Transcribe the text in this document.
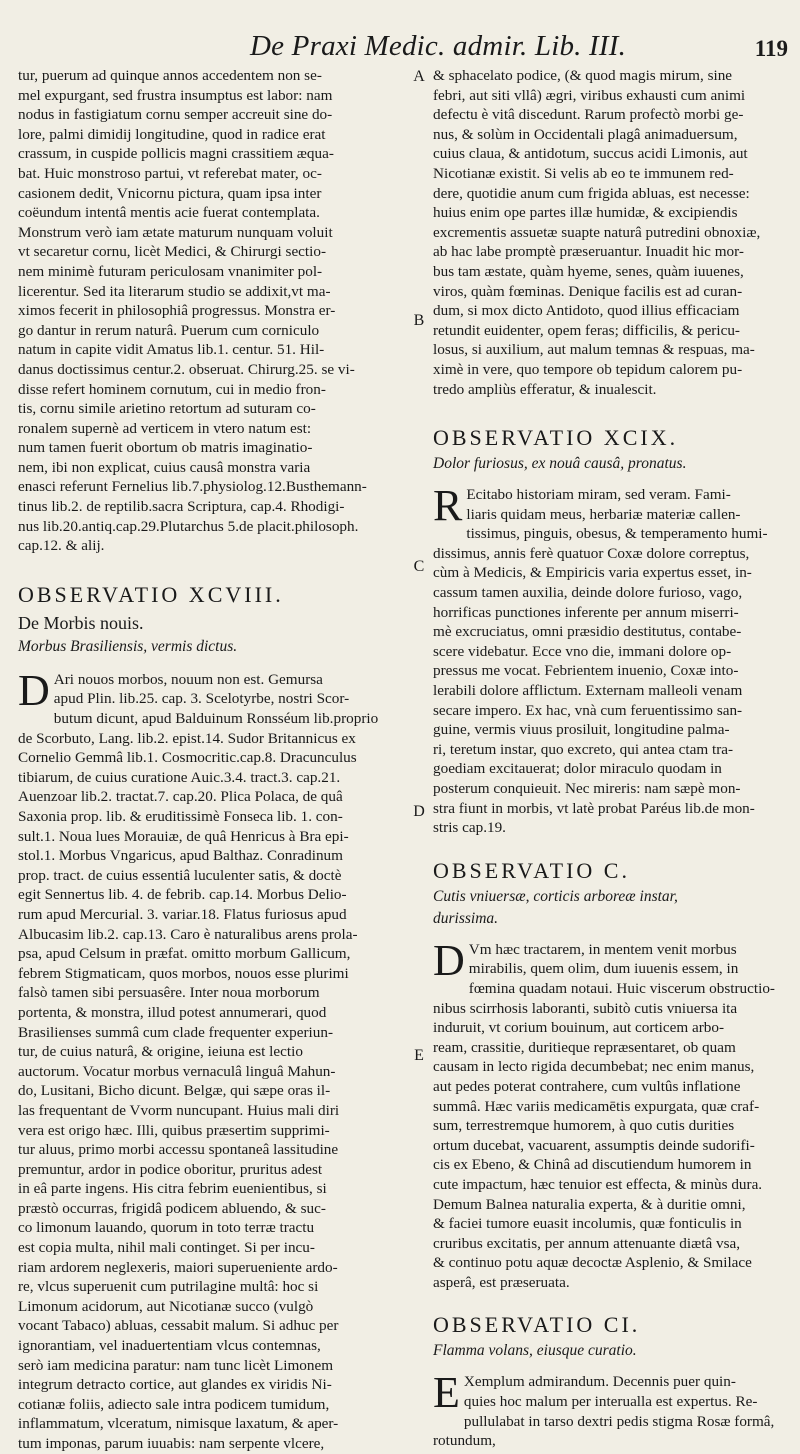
De Praxi Medic. admir. Lib. III.	119
A
B
C
D
E

tur, puerum ad quinque annos accedentem non se-
mel expurgant, sed frustra insumptus est labor: nam
nodus in fastigiatum cornu semper accreuit sine do-
lore, palmi dimidij longitudine, quod in radice erat
crassum, in cuspide pollicis magni crassitiem æqua-
bat. Huic monstroso partui, vt referebat mater, oc-
casionem dedit, Vnicornu pictura, quam ipsa inter
coëundum intentâ mentis acie fuerat contemplata.
Monstrum verò iam ætate maturum nunquam voluit
vt secaretur cornu, licèt Medici, & Chirurgi sectio-
nem minimè futuram periculosam vnanimiter pol-
licerentur. Sed ita literarum studio se addixit,vt ma-
ximos fecerit in philosophiâ progressus. Monstra er-
go dantur in rerum naturâ. Puerum cum corniculo
natum in capite vidit Amatus lib.1. centur. 51. Hil-
danus doctissimus centur.2. obseruat. Chirurg.25. se vi-
disse refert hominem cornutum, cui in medio fron-
tis, cornu simile arietino retortum ad suturam co-
ronalem supernè ad verticem in vtero natum est:
num tamen fuerit obortum ob matris imaginatio-
nem, ibi non explicat, cuius causâ monstra varia
enasci referunt Fernelius lib.7.physiolog.12.Busthemann-
tinus lib.2. de reptilib.sacra Scriptura, cap.4. Rhodigi-
nus lib.20.antiq.cap.29.Plutarchus 5.de placit.philosoph.
cap.12. & alij.

OBSERVATIO XCVIII.

De Morbis nouis.

Morbus Brasiliensis, vermis dictus.

D Ari nouos morbos, nouum non est. Gemursa
apud Plin. lib.25. cap. 3. Scelotyrbe, nostri Scor-
butum dicunt, apud Balduinum Ronsséum lib.proprio
de Scorbuto, Lang. lib.2. epist.14. Sudor Britannicus ex
Cornelio Gemmâ lib.1. Cosmocritic.cap.8. Dracunculus
tibiarum, de cuius curatione Auic.3.4. tract.3. cap.21.
Auenzoar lib.2. tractat.7. cap.20. Plica Polaca, de quâ
Saxonia prop. lib. & eruditissimè Fonseca lib. 1. con-
sult.1. Noua lues Morauiæ, de quâ Henricus à Bra epi-
stol.1. Morbus Vngaricus, apud Balthaz. Conradinum
prop. tract. de cuius essentiâ luculenter satis, & doctè
egit Sennertus lib. 4. de febrib. cap.14. Morbus Delio-
rum apud Mercurial. 3. variar.18. Flatus furiosus apud
Albucasim lib.2. cap.13. Caro è naturalibus arens prola-
psa, apud Celsum in præfat. omitto morbum Gallicum,
febrem Stigmaticam, quos morbos, nouos esse plurimi
falsò tamen sibi persuasêre. Inter noua morborum
portenta, & monstra, illud potest annumerari, quod
Brasilienses summâ cum clade frequenter experiun-
tur, de cuius naturâ, & origine, ieiuna est lectio
auctorum. Vocatur morbus vernaculâ linguâ Mahun-
do, Lusitani, Bicho dicunt. Belgæ, qui sæpe oras il-
las frequentant de Vvorm nuncupant. Huius mali diri
vera est origo hæc. Illi, quibus præsertim supprimi-
tur aluus, primo morbi accessu spontaneâ lassitudine
premuntur, ardor in podice oboritur, pruritus adest
in eâ parte ingens. His citra febrim euenientibus, si
præstò occurras, frigidâ podicem abluendo, & suc-
co limonum lauando, quorum in toto terræ tractu
est copia multa, nihil mali continget. Si per incu-
riam ardorem neglexeris, maiori superueniente ardo-
re, vlcus superuenit cum putrilagine multâ: hoc si
Limonum acidorum, aut Nicotianæ succo (vulgò
vocant Tabaco) abluas, cessabit malum. Si adhuc per
ignorantiam, vel inaduertentiam vlcus contemnas,
serò iam medicina paratur: nam tunc licèt Limonem
integrum detracto cortice, aut glandes ex viridis Ni-
cotianæ foliis, adiecto sale intra podicem tumidum,
inflammatum, vlceratum, nimisque laxatum, & aper-
tum imponas, parum iuuabis: nam serpente vlcere,

& sphacelato podice, (& quod magis mirum, sine
febri, aut siti vllâ) ægri, viribus exhausti cum animi
defectu è vitâ discedunt. Rarum profectò morbi ge-
nus, & solùm in Occidentali plagâ animaduersum,
cuius claua, & antidotum, succus acidi Limonis, aut
Nicotianæ existit. Si velis ab eo te immunem red-
dere, quotidie anum cum frigida abluas, est necesse:
huius enim ope partes illæ humidæ, & excipiendis
excrementis assuetæ suapte naturâ putredini obnoxiæ,
ab hac labe promptè præseruantur. Inuadit hic mor-
bus tam æstate, quàm hyeme, senes, quàm iuuenes,
viros, quàm fœminas. Denique facilis est ad curan-
dum, si mox dicto Antidoto, quod illius efficaciam
retundit euidenter, opem feras; difficilis, & pericu-
losus, si auxilium, aut malum temnas & respuas, ma-
ximè in vere, quo tempore ob tepidum calorem pu-
tredo ampliùs efferatur, & inualescit.

OBSERVATIO XCIX.

Dolor furiosus, ex nouâ causâ, pronatus.

R Ecitabo historiam miram, sed veram. Fami-
liaris quidam meus, herbariæ materiæ callen-
tissimus, pinguis, obesus, & temperamento humi-
dissimus, annis ferè quatuor Coxæ dolore correptus,
cùm à Medicis, & Empiricis varia expertus esset, in-
cassum tamen auxilia, deinde dolore furioso, vago,
horrificas punctiones inferente per annum miserri-
mè excruciatus, omni præsidio destitutus, contabe-
scere videbatur. Ecce vno die, immani dolore op-
pressus me vocat. Febrientem inuenio, Coxæ into-
lerabili dolore afflictum. Externam malleoli venam
secare impero. Ex hac, vnà cum feruentissimo san-
guine, vermis viuus prosiluit, longitudine palma-
ri, teretum instar, quo excreto, qui antea ctam tra-
goediam excitauerat; dolor miraculo quodam in
posterum conquieuit. Nec mireris: nam sæpè mon-
stra fiunt in morbis, vt latè probat Paréus lib.de mon-
stris cap.19.

OBSERVATIO C.

Cutis vniuersæ, corticis arboreæ instar,

durissima.

D Vm hæc tractarem, in mentem venit morbus
mirabilis, quem olim, dum iuuenis essem, in
fœmina quadam notaui. Huic viscerum obstructio-
nibus scirrhosis laboranti, subitò cutis vniuersa ita
induruit, vt corium bouinum, aut corticem arbo-
ream, crassitie, duritieque repræsentaret, ob quam
causam in lecto rigida decumbebat; nec enim manus,
aut pedes poterat contrahere, cum vultûs inflatione
summâ. Hæc variis medicamētis expurgata, quæ craf-
sum, terrestremque humorem, à quo cutis durities
ortum ducebat, vacuarent, assumptis deinde sudorifi-
cis ex Ebeno, & Chinâ ad discutiendum humorem in
cute impactum, hæc tenuior est effecta, & minùs dura.
Demum Balnea naturalia experta, & à duritie omni,
& faciei tumore euasit incolumis, quæ fonticulis in
cruribus excitatis, per annum attenuante diætâ vsa,
& continuo potu aquæ decoctæ Asplenio, & Smilace
asperâ, est præseruata.

OBSERVATIO CI.

Flamma volans, eiusque curatio.

E Xemplum admirandum. Decennis puer quin-
quies hoc malum per interualla est expertus. Re-
pullulabat in tarso dextri pedis stigma Rosæ formâ,
rotundum,
